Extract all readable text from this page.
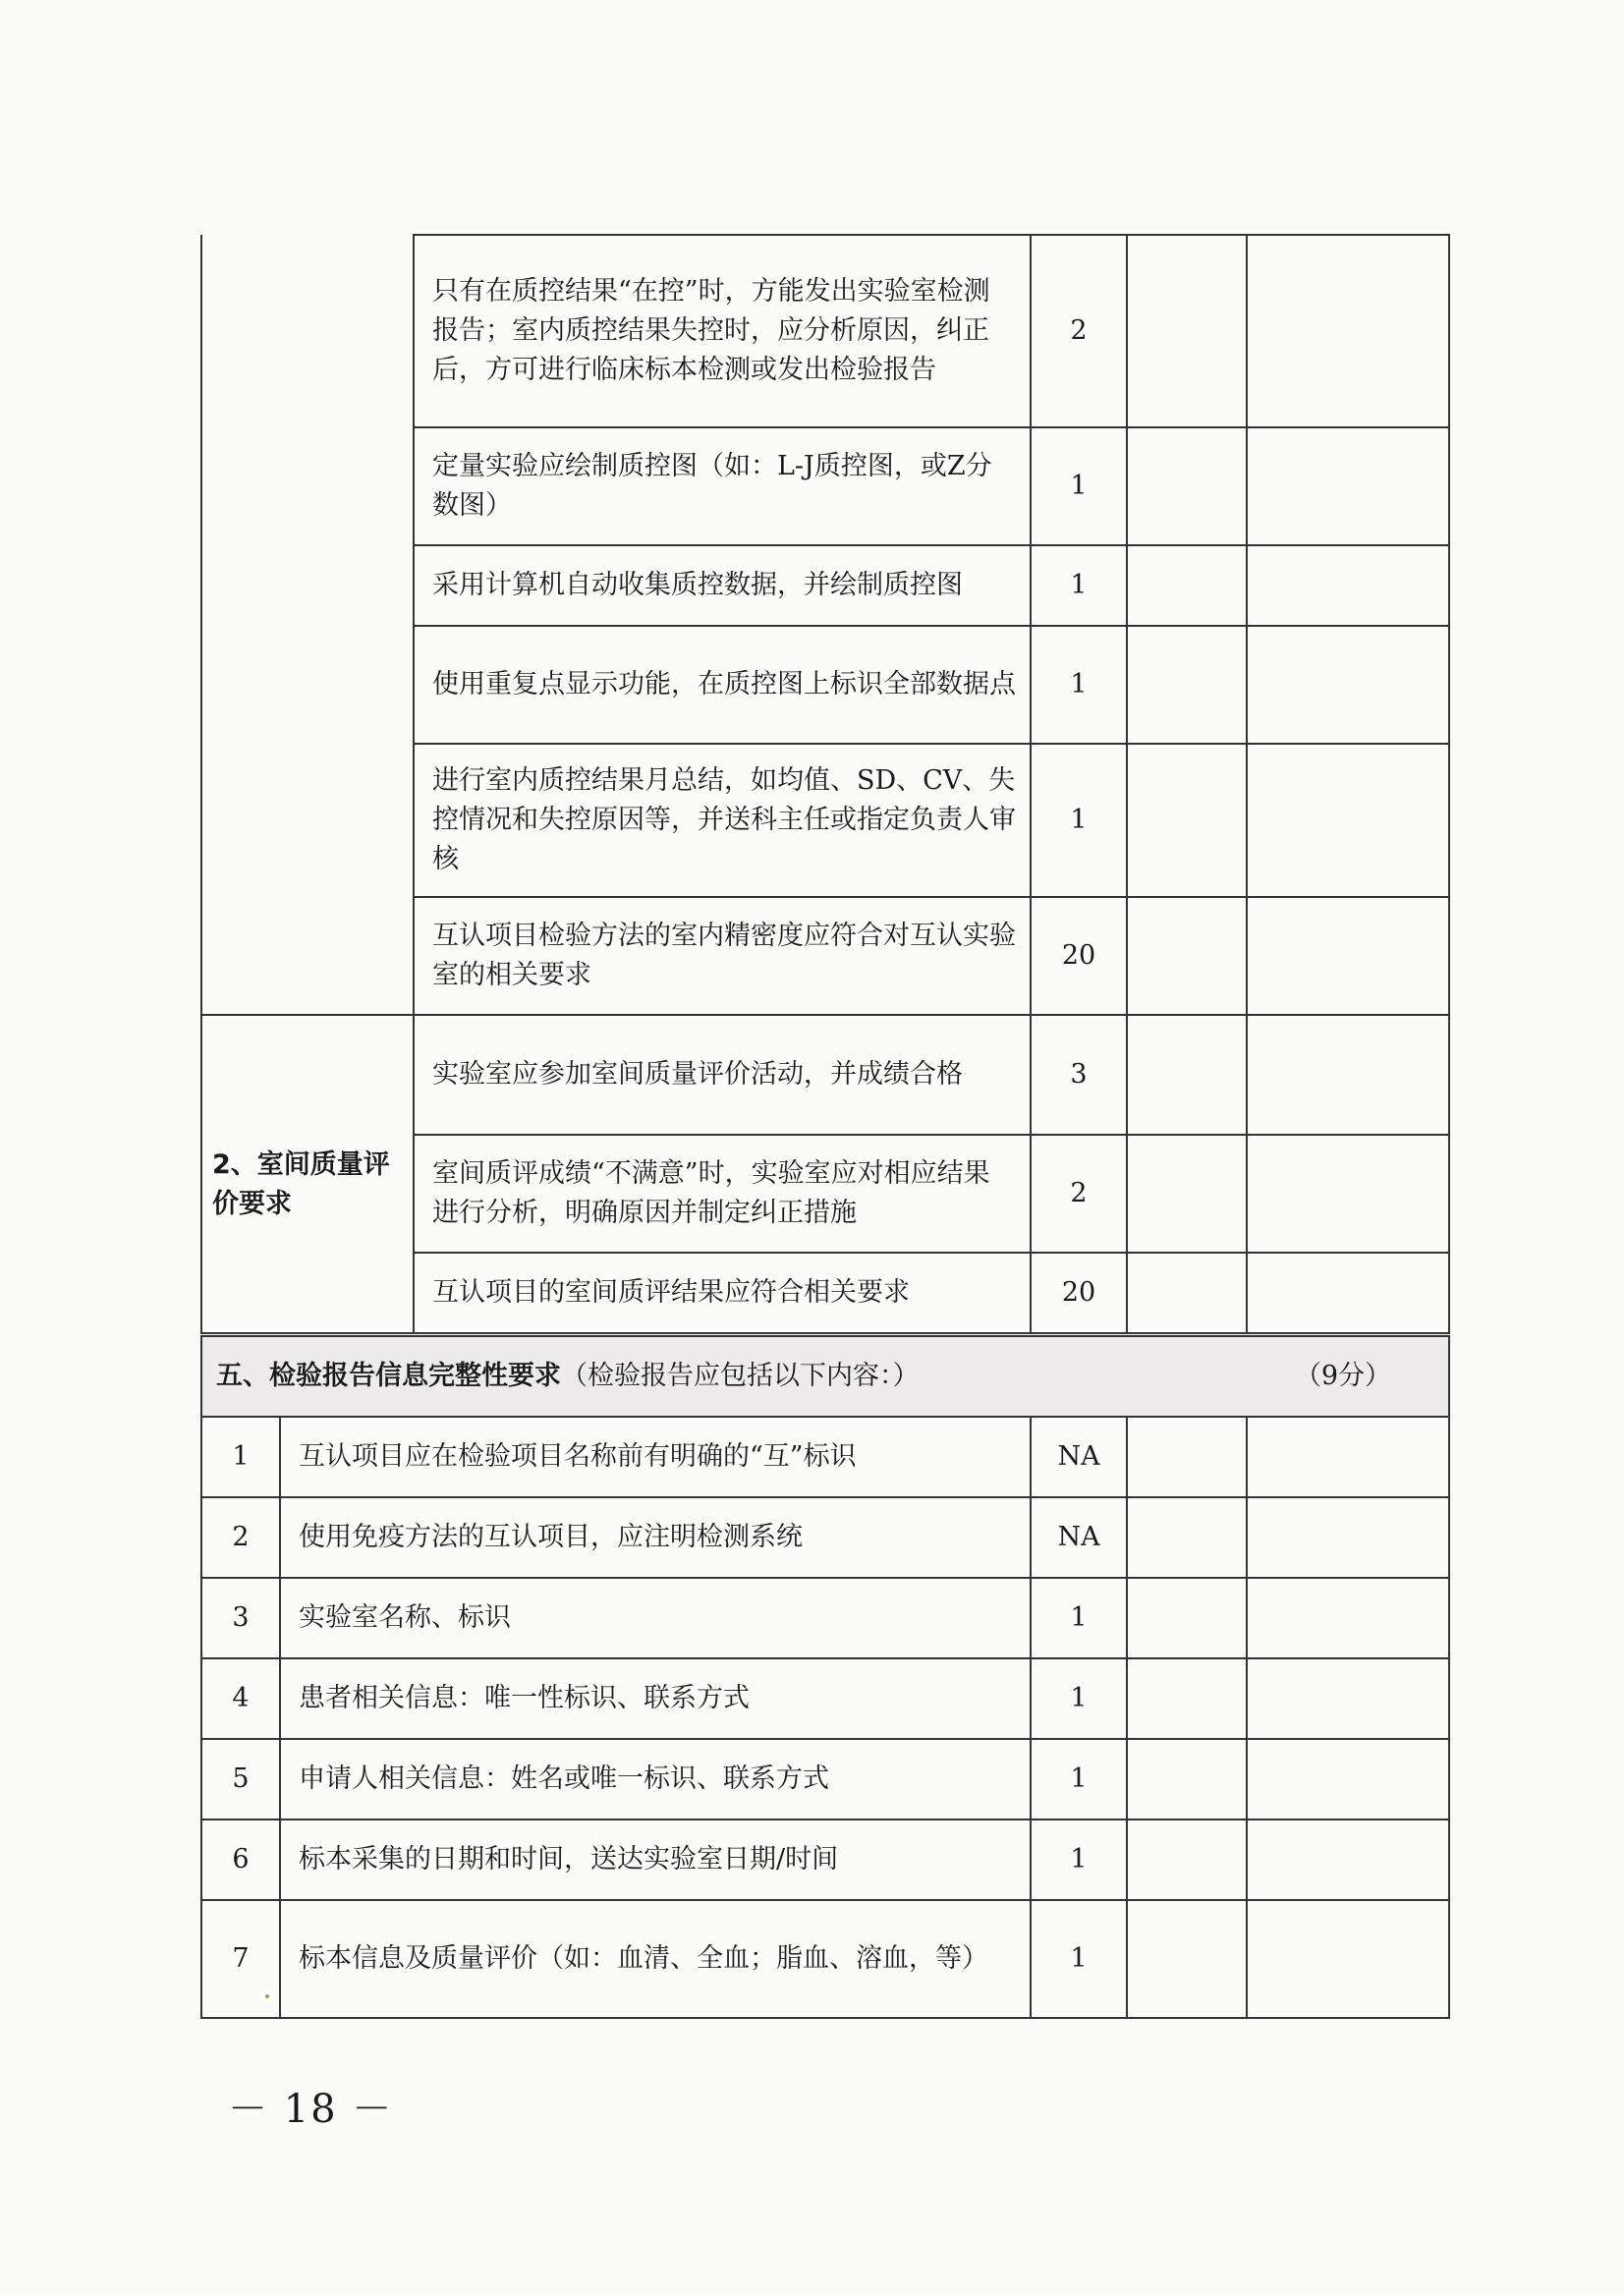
	只有在质控结果“在控”时，方能发出实验室检测报告；室内质控结果失控时，应分析原因，纠正后，方可进行临床标本检测或发出检验报告	2		
	定量实验应绘制质控图（如：L-J质控图，或Z分数图）	1		
	采用计算机自动收集质控数据，并绘制质控图	1		
	使用重复点显示功能，在质控图上标识全部数据点	1		
	进行室内质控结果月总结，如均值、SD、CV、失控情况和失控原因等，并送科主任或指定负责人审核	1		
	互认项目检验方法的室内精密度应符合对互认实验室的相关要求	20		
2、室间质量评价要求	实验室应参加室间质量评价活动，并成绩合格	3		
	室间质评成绩“不满意”时，实验室应对相应结果进行分析，明确原因并制定纠正措施	2		
	互认项目的室间质评结果应符合相关要求	20		
五、检验报告信息完整性要求（检验报告应包括以下内容：） （9分）				

1	互认项目应在检验项目名称前有明确的“互”标识	NA		
2	使用免疫方法的互认项目，应注明检测系统	NA		
3	实验室名称、标识	1		
4	患者相关信息：唯一性标识、联系方式	1		
5	申请人相关信息：姓名或唯一标识、联系方式	1		
6	标本采集的日期和时间，送达实验室日期/时间	1		
7	标本信息及质量评价（如：血清、全血；脂血、溶血，等）	1		
－ 18 －
